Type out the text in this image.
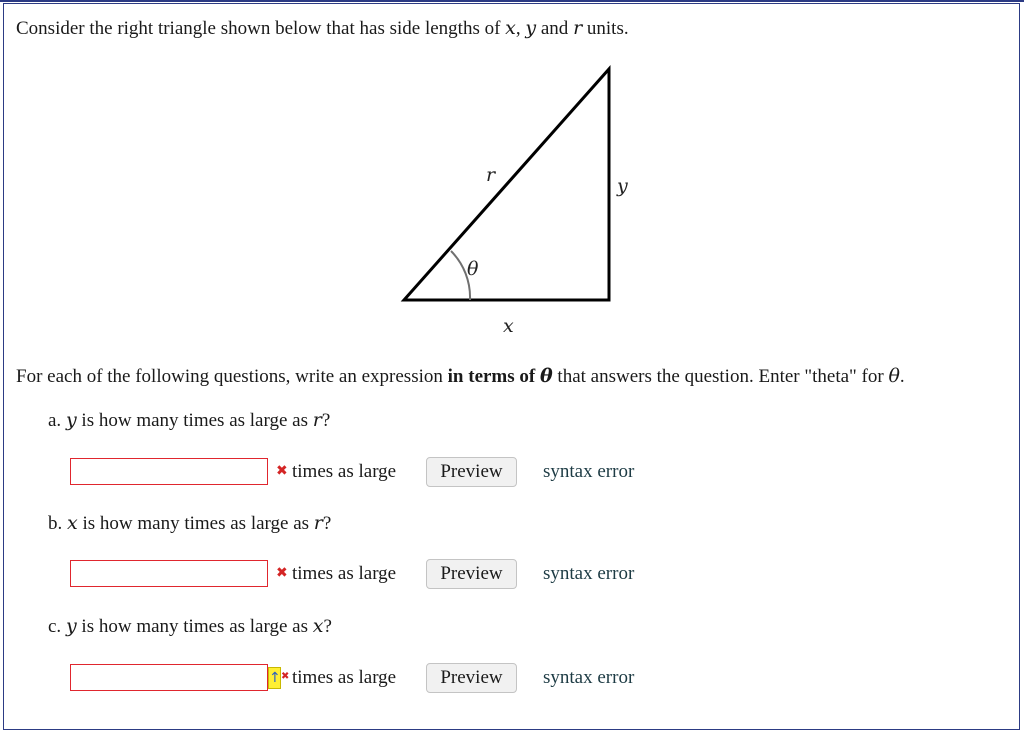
Consider the right triangle shown below that has side lengths of x, y and r units.
r	y
x
θ
For each of the following questions, write an expression in terms of θ that answers the question. Enter "theta" for θ.
a. y is how many times as large as r?
✖ times as large	Preview	syntax error
b. x is how many times as large as r?
✖ times as large	Preview	syntax error
c. y is how many times as large as x?
↑ ✖ times as large	Preview	syntax error
